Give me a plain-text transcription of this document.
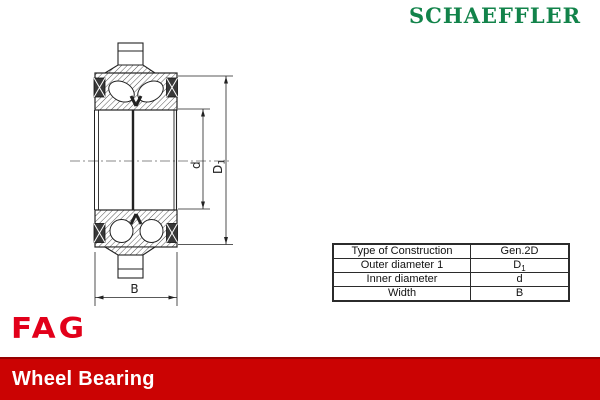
SCHAEFFLER
d $D_1$
B
Type of Construction	Gen.2D
Outer diameter 1	$D_1$
Inner diameter	d
Width	B
FAG
Wheel Bearing
